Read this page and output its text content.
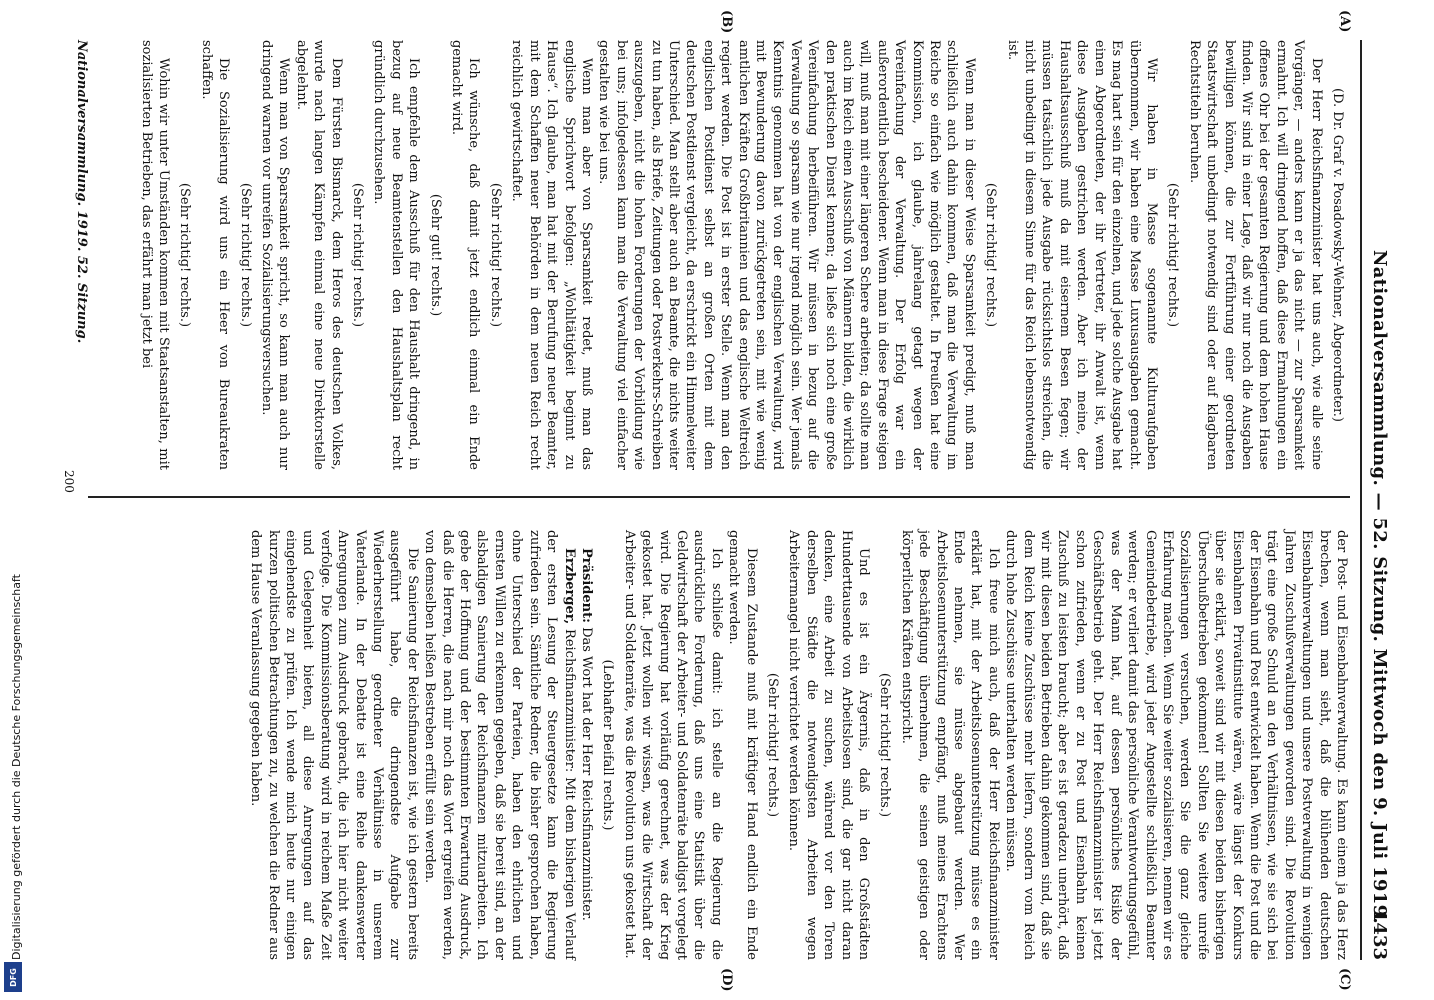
Nationalversammlung. — 52. Sitzung. Mittwoch den 9. Juli 1919.
1433
(A)
(B)
(C)
(D)

(D. Dr. Graf v. Posadowsky-Wehner, Abgeordneter.)

Der Herr Reichsfinanzminister hat uns auch, wie alle seine Vorgänger, — anders kann er ja das nicht — zur Sparsamkeit ermahnt. Ich will dringend hoffen, daß diese Ermahnungen ein offenes Ohr bei der gesamten Regierung und dem hohen Hause finden. Wir sind in einer Lage, daß wir nur noch die Ausgaben bewilligen können, die zur Fortführung einer geordneten Staatswirtschaft unbedingt notwendig sind oder auf klagbaren Rechtstiteln beruhen.

(Sehr richtig! rechts.)

Wir haben in Masse sogenannte Kulturaufgaben übernommen, wir haben eine Masse Luxusausgaben gemacht. Es mag hart sein für den einzelnen, und jede solche Ausgabe hat einen Abgeordneten, der ihr Vertreter, ihr Anwalt ist, wenn diese Ausgaben gestrichen werden. Aber ich meine, der Haushaltsausschuß muß da mit eisernem Besen fegen; wir müssen tatsächlich jede Ausgabe rücksichtslos streichen, die nicht unbedingt in diesem Sinne für das Reich lebensnotwendig ist.

(Sehr richtig! rechts.)

Wenn man in dieser Weise Sparsamkeit predigt, muß man schließlich auch dahin kommen, daß man die Verwaltung im Reiche so einfach wie möglich gestaltet. In Preußen hat eine Kommission, ich glaube, jahrelang getagt wegen der Vereinfachung der Verwaltung. Der Erfolg war ein außerordentlich bescheidener. Wenn man in diese Frage steigen will, muß man mit einer längeren Schere arbeiten; da sollte man auch im Reich einen Ausschuß von Männern bilden, die wirklich den praktischen Dienst kennen; da ließe sich noch eine große Vereinfachung herbeiführen. Wir müssen in bezug auf die Verwaltung so sparsam wie nur irgend möglich sein. Wer jemals Kenntnis genommen hat von der englischen Verwaltung, wird mit Bewunderung davon zurückgetreten sein, mit wie wenig amtlichen Kräften Großbritannien und das englische Weltreich regiert werden. Die Post ist in erster Stelle. Wenn man den englischen Postdienst selbst an großen Orten mit dem deutschen Postdienst vergleicht, da erschrickt ein Himmelweiter Unterschied. Man stellt aber auch an Beamte, die nichts weiter zu tun haben, als Briefe, Zeitungen oder Postverkehrs-Schreiben auszugeben, nicht die hohen Forderungen der Vorbildung wie bei uns; infolgedessen kann man die Verwaltung viel einfacher gestalten wie bei uns.

Wenn man aber von Sparsamkeit redet, muß man das englische Sprichwort befolgen: „Wohltätigkeit beginnt zu Hause“. Ich glaube, man hat mit der Berufung neuer Beamter, mit dem Schaffen neuer Behörden in dem neuen Reich recht reichlich gewirtschaftet.

(Sehr richtig! rechts.)

Ich wünsche, daß damit jetzt endlich einmal ein Ende gemacht wird.

(Sehr gut! rechts.)

Ich empfehle dem Ausschuß für den Haushalt dringend, in bezug auf neue Beamtenstellen den Haushaltsplan recht gründlich durchzusehen.

(Sehr richtig! rechts.)

Dem Fürsten Bismarck, dem Heros des deutschen Volkes, wurde nach langen Kämpfen einmal eine neue Direktorstelle abgelehnt.

Wenn man von Sparsamkeit spricht, so kann man auch nur dringend warnen vor unreifen Sozialisierungsversuchen.

(Sehr richtig! rechts.)

Die Sozialisierung wird uns ein Heer von Bureaukraten schaffen.

(Sehr richtig! rechts.)

Wohin wir unter Umständen kommen mit Staatsanstalten, mit sozialisierten Betrieben, das erfährt man jetzt bei

der Post- und Eisenbahnverwaltung. Es kann einem ja das Herz brechen, wenn man sieht, daß die blühenden deutschen Eisenbahnverwaltungen und unsere Postverwaltung in wenigen Jahren Zuschußverwaltungen geworden sind. Die Revolution trägt eine große Schuld an den Verhältnissen, wie sie sich bei der Eisenbahn und Post entwickelt haben. Wenn die Post und die Eisenbahnen Privatinstitute wären, wäre längst der Konkurs über sie erklärt, soweit sind wir mit diesen beiden bisherigen Überschußbetrieben gekommen! Sollten Sie weitere unreife Sozialisierungen versuchen, werden Sie die ganz gleiche Erfahrung machen. Wenn Sie weiter sozialisieren, nennen wir es Gemeindebetriebe, wird jeder Angestellte schließlich Beamter werden; er verliert damit das persönliche Verantwortungsgefühl, was der Mann hat, auf dessen persönliches Risiko der Geschäftsbetrieb geht. Der Herr Reichsfinanzminister ist jetzt schon zufrieden, wenn er zu Post und Eisenbahn keinen Zuschuß zu leisten braucht; aber es ist geradezu unerhört, daß wir mit diesen beiden Betrieben dahin gekommen sind, daß sie dem Reich keine Zuschüsse mehr liefern, sondern vom Reich durch hohe Zuschüsse unterhalten werden müssen.

Ich freue mich auch, daß der Herr Reichsfinanzminister erklärt hat, mit der Arbeitslosenunterstützung müsse es ein Ende nehmen, sie müsse abgebaut werden. Wer Arbeitslosenunterstützung empfängt, muß meines Erachtens jede Beschäftigung übernehmen, die seinen geistigen oder körperlichen Kräften entspricht.

(Sehr richtig! rechts.)

Und es ist ein Ärgernis, daß in den Großstädten Hunderttausende von Arbeitslosen sind, die gar nicht daran denken, eine Arbeit zu suchen, während vor den Toren derselben Städte die notwendigsten Arbeiten wegen Arbeitermangel nicht verrichtet werden können.

(Sehr richtig! rechts.)

Diesem Zustande muß mit kräftiger Hand endlich ein Ende gemacht werden.

Ich schließe damit: ich stelle an die Regierung die ausdrückliche Forderung, daß uns eine Statistik über die Geldwirtschaft der Arbeiter- und Soldatenräte baldigst vorgelegt wird. Die Regierung hat vorläufig gerechnet, was der Krieg gekostet hat. Jetzt wollen wir wissen, was die Wirtschaft der Arbeiter- und Soldatenräte, was die Revolution uns gekostet hat.

(Lebhafter Beifall rechts.)

Präsident: Das Wort hat der Herr Reichsfinanzminister.

Erzberger, Reichsfinanzminister: Mit dem bisherigen Verlauf der ersten Lesung der Steuergesetze kann die Regierung zufrieden sein. Sämtliche Redner, die bisher gesprochen haben, ohne Unterschied der Parteien, haben den ehrlichen und ernsten Willen zu erkennen gegeben, daß sie bereit sind, an der alsbaldigen Sanierung der Reichsfinanzen mitzuarbeiten. Ich gebe der Hoffnung und der bestimmten Erwartung Ausdruck, daß die Herren, die nach mir noch das Wort ergreifen werden, von demselben heißen Bestreben erfüllt sein werden.

Die Sanierung der Reichsfinanzen ist, wie ich gestern bereits ausgeführt habe, die dringendste Aufgabe zur Wiederherstellung geordneter Verhältnisse in unserem Vaterlande. In der Debatte ist eine Reihe dankenswerter Anregungen zum Ausdruck gebracht, die ich hier nicht weiter verfolge. Die Kommissionsberatung wird in reichem Maße Zeit und Gelegenheit bieten, all diese Anregungen auf das eingehendste zu prüfen. Ich wende mich heute nur einigen kurzen politischen Betrachtungen zu, zu welchen die Redner aus dem Hause Veranlassung gegeben haben.

Nationalversammlung. 1919. 52. Sitzung.
200
Digitalisierung gefördert durch die Deutsche Forschungsgemeinschaft
DFG
